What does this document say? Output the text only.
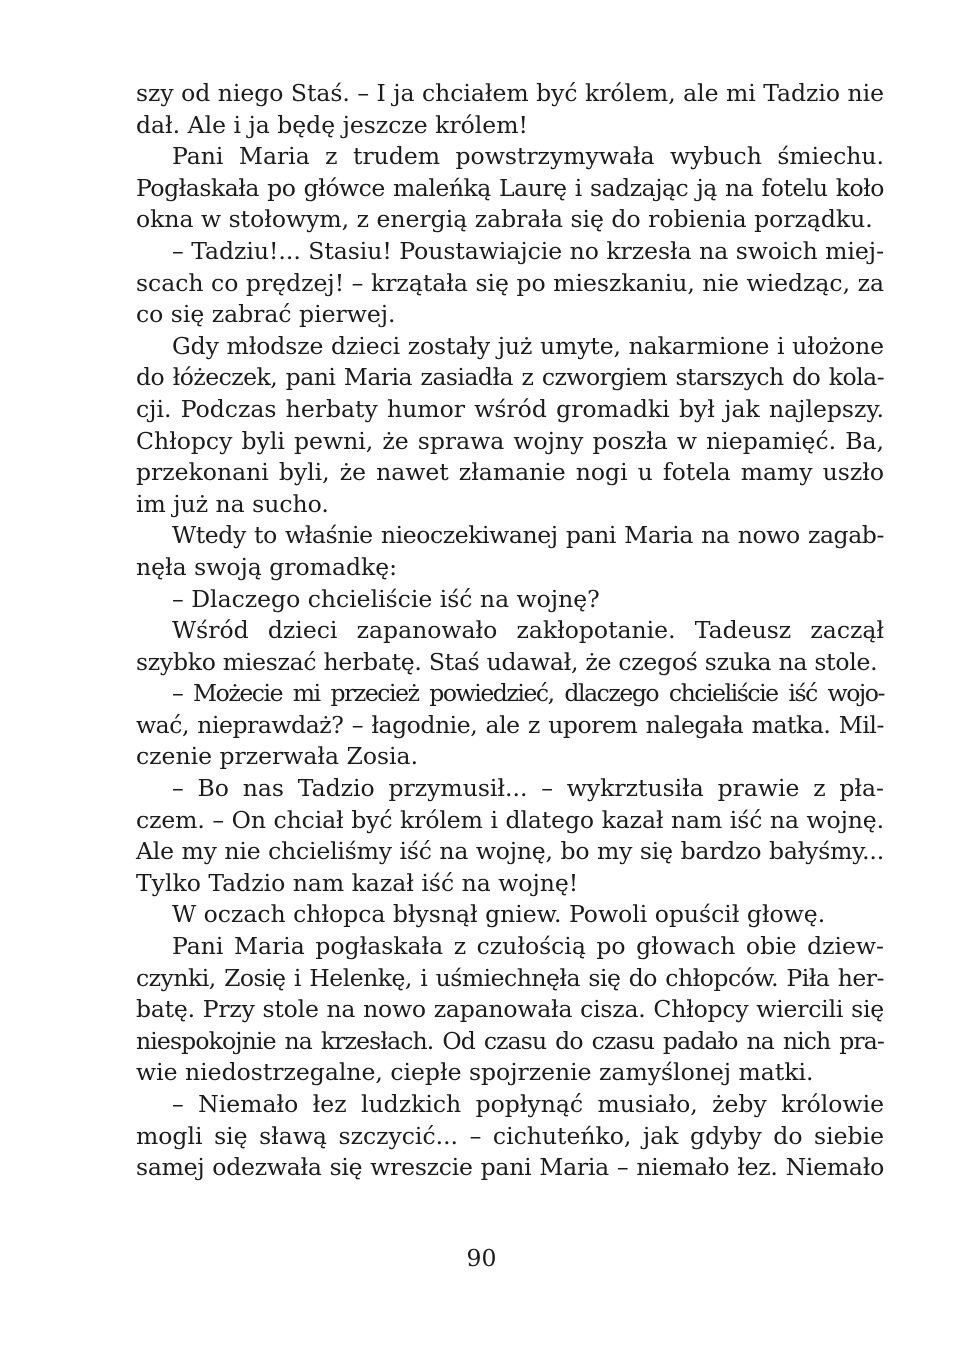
szy od niego Staś. – I ja chciałem być królem, ale mi Tadzio nie
dał. Ale i ja będę jeszcze królem!
Pani Maria z trudem powstrzymywała wybuch śmiechu.
Pogłaskała po główce maleńką Laurę i sadzając ją na fotelu koło
okna w stołowym, z energią zabrała się do robienia porządku.
– Tadziu!... Stasiu! Poustawiajcie no krzesła na swoich miej-
scach co prędzej! – krzątała się po mieszkaniu, nie wiedząc, za
co się zabrać pierwej.
Gdy młodsze dzieci zostały już umyte, nakarmione i ułożone
do łóżeczek, pani Maria zasiadła z czworgiem starszych do kola-
cji. Podczas herbaty humor wśród gromadki był jak najlepszy.
Chłopcy byli pewni, że sprawa wojny poszła w niepamięć. Ba,
przekonani byli, że nawet złamanie nogi u fotela mamy uszło
im już na sucho.
Wtedy to właśnie nieoczekiwanej pani Maria na nowo zagab-
nęła swoją gromadkę:
– Dlaczego chcieliście iść na wojnę?
Wśród dzieci zapanowało zakłopotanie. Tadeusz zaczął
szybko mieszać herbatę. Staś udawał, że czegoś szuka na stole.
– Możecie mi przecież powiedzieć, dlaczego chcieliście iść wojo-
wać, nieprawdaż? – łagodnie, ale z uporem nalegała matka. Mil-
czenie przerwała Zosia.
– Bo nas Tadzio przymusił... – wykrztusiła prawie z pła-
czem. – On chciał być królem i dlatego kazał nam iść na wojnę.
Ale my nie chcieliśmy iść na wojnę, bo my się bardzo bałyśmy...
Tylko Tadzio nam kazał iść na wojnę!
W oczach chłopca błysnął gniew. Powoli opuścił głowę.
Pani Maria pogłaskała z czułością po głowach obie dziew-
czynki, Zosię i Helenkę, i uśmiechnęła się do chłopców. Piła her-
batę. Przy stole na nowo zapanowała cisza. Chłopcy wiercili się
niespokojnie na krzesłach. Od czasu do czasu padało na nich pra-
wie niedostrzegalne, ciepłe spojrzenie zamyślonej matki.
– Niemało łez ludzkich popłynąć musiało, żeby królowie
mogli się sławą szczycić... – cichuteńko, jak gdyby do siebie
samej odezwała się wreszcie pani Maria – niemało łez. Niemało
90
